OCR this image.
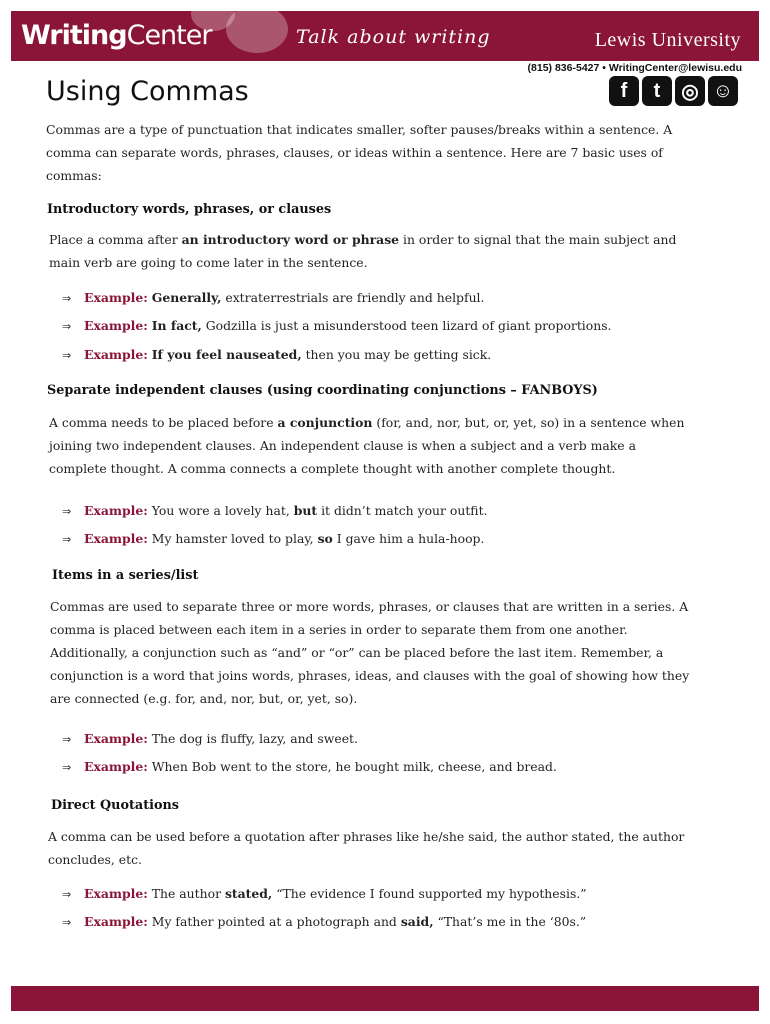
WritingCenter	Talk about writing	Lewis University
(815) 836-5427 • WritingCenter@lewisu.edu
f	t	◎ ☺
Using Commas

Commas are a type of punctuation that indicates smaller, softer pauses/breaks within a sentence. A comma can separate words, phrases, clauses, or ideas within a sentence. Here are 7 basic uses of commas:

Introductory words, phrases, or clauses

Place a comma after an introductory word or phrase in order to signal that the main subject and main verb are going to come later in the sentence.

⇒ Example: Generally, extraterrestrials are friendly and helpful.

⇒ Example: In fact, Godzilla is just a misunderstood teen lizard of giant proportions.

⇒ Example: If you feel nauseated, then you may be getting sick.

Separate independent clauses (using coordinating conjunctions – FANBOYS)

A comma needs to be placed before a conjunction (for, and, nor, but, or, yet, so) in a sentence when joining two independent clauses. An independent clause is when a subject and a verb make a complete thought. A comma connects a complete thought with another complete thought.

⇒ Example: You wore a lovely hat, but it didn’t match your outfit.

⇒ Example: My hamster loved to play, so I gave him a hula-hoop.

Items in a series/list

Commas are used to separate three or more words, phrases, or clauses that are written in a series. A comma is placed between each item in a series in order to separate them from one another. Additionally, a conjunction such as “and” or “or” can be placed before the last item. Remember, a conjunction is a word that joins words, phrases, ideas, and clauses with the goal of showing how they are connected (e.g. for, and, nor, but, or, yet, so).

⇒ Example: The dog is fluffy, lazy, and sweet.

⇒ Example: When Bob went to the store, he bought milk, cheese, and bread.

Direct Quotations

A comma can be used before a quotation after phrases like he/she said, the author stated, the author concludes, etc.

⇒ Example: The author stated, “The evidence I found supported my hypothesis.”

⇒ Example: My father pointed at a photograph and said, “That’s me in the ‘80s.”
